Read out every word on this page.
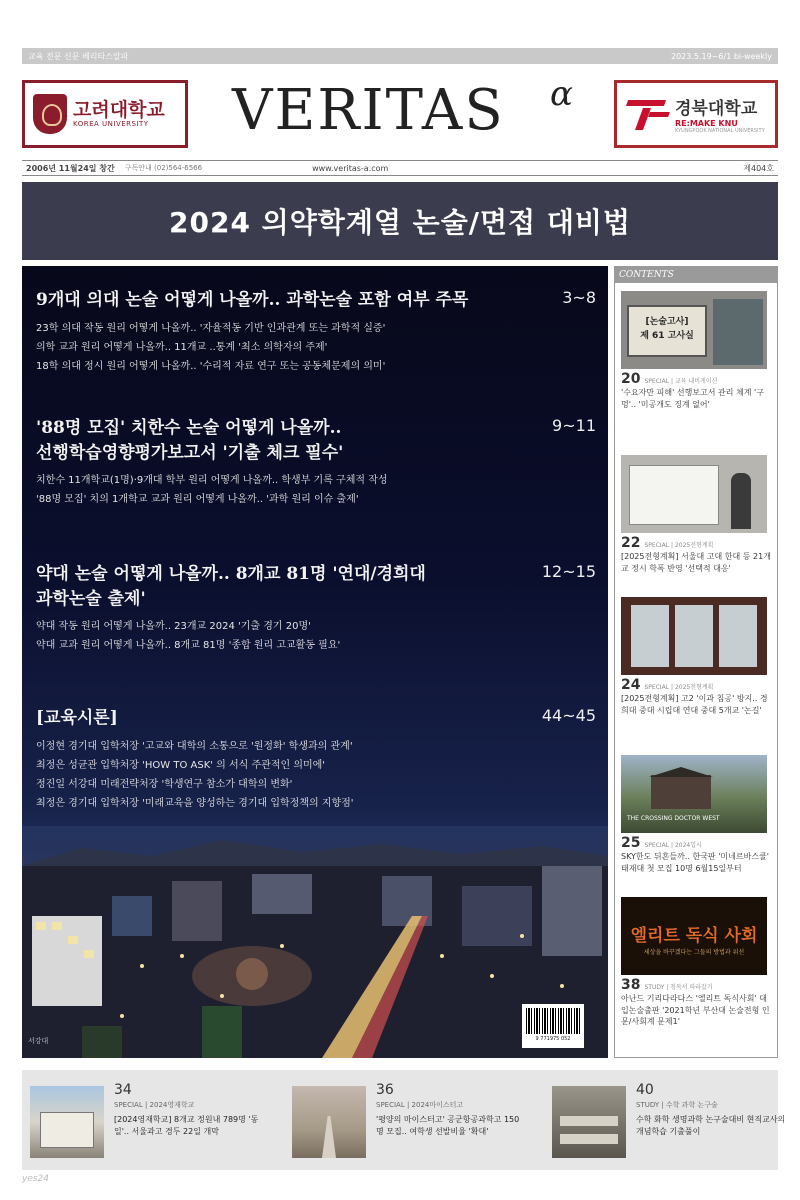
교육 전문 신문 베리타스알파	2023.5.19~6/1 bi-weekly
고려대학교
KOREA UNIVERSITY VERITAS α	경북대학교
RE:MAKE KNU
KYUNGPOOK NATIONAL UNIVERSITY
2006년 11월24일 창간 구독안내 (02)564-6566	www.veritas-a.com	제404호
2024 의약학계열 논술/면접 대비법
9개대 의대 논술 어떻게 나올까.. 과학논술 포함 여부 주목	3~8
23학 의대 작동 원리 어떻게 나올까.. '자율적동 기반 인과관계 또는 과학적 실증'
의학 교과 원리 어떻게 나올까.. 11개교 ..통계 '최소 의학자의 주제'
18학 의대 정시 원리 어떻게 나올까.. '수리적 자료 연구 또는 공동체문제의 의미'
'88명 모집' 치한수 논술 어떻게 나올까..
선행학습영향평가보고서 '기출 체크 필수'
9~11
치한수 11개학교(1명)·9개대 학부 원리 어떻게 나올까.. 학생부 기록 구체적 작성
'88명 모집' 치의 1개학교 교과 원리 어떻게 나올까.. '과학 원리 이슈 출제'
약대 논술 어떻게 나올까.. 8개교 81명 '연대/경희대
과학논술 출제'
12~15
약대 작동 원리 어떻게 나올까.. 23개교 2024 '기출 경기 20명'
약대 교과 원리 어떻게 나올까.. 8개교 81명 '종합 원리 고교활동 필요'
[교육시론]	44~45
이정현 경기대 입학처장 '고교와 대학의 소통으로 '원정화' 학생과의 관계'
최정은 성균관 입학처장 'HOW TO ASK' 의 서식 주관적인 의미에'
정진일 서강대 미래전략처장 '학생연구 참소가 대학의 변화'
최정은 경기대 입학처장 '미래교육을 양성하는 경기대 입학정책의 지향점'
9 771975 052
서강대
CONTENTS
[논술고사]
제 61 고사실
20 SPECIAL | 교육 내비게이션
'수요자만 피해' 선행보고서 관리 체계 '구멍'.. '미공개도 징계 없어'
22 SPECIAL | 2025전형계획
[2025전형계획] 서울대 고대 한대 등 21개교 정시 학폭 반영 '선택적 대응'
24 SPECIAL | 2025전형계획
[2025전형계획] 고2 '이과 침공' 방지.. 경희대 중대 시립대 연대 중대 5개교 '논길'
THE CROSSING DOCTOR WEST
25 SPECIAL | 2024입시
SKY한도 뒤흔들까.. 한국판 '미네르바스쿨' 태재대 첫 모집 10명 6월15일부터
엘리트 독식 사회
세상을 바꾸겠다는 그들의 방법과 위선
38 STUDY | 청독서 따라잡기
아난드 기리다라다스 '엘리트 독식사회' 대입논술출판 '2021학년 부산대 논술전형 인문/사회계 문제1'
34
SPECIAL | 2024영재학교
[2024영재학교] 8개교 정원내 789명 '동일'.. 서울과고 경두 22일 개막
36
SPECIAL | 2024마이스터고
'평양의 마이스터고' 공군항공과학고 150명 모집.. 여학생 선발비율 '확대'
40
STUDY | 수학 과학 논구술
수학 화학 생명과학 논구술대비 현직교사의 개념학습 기출풀이
yes24
